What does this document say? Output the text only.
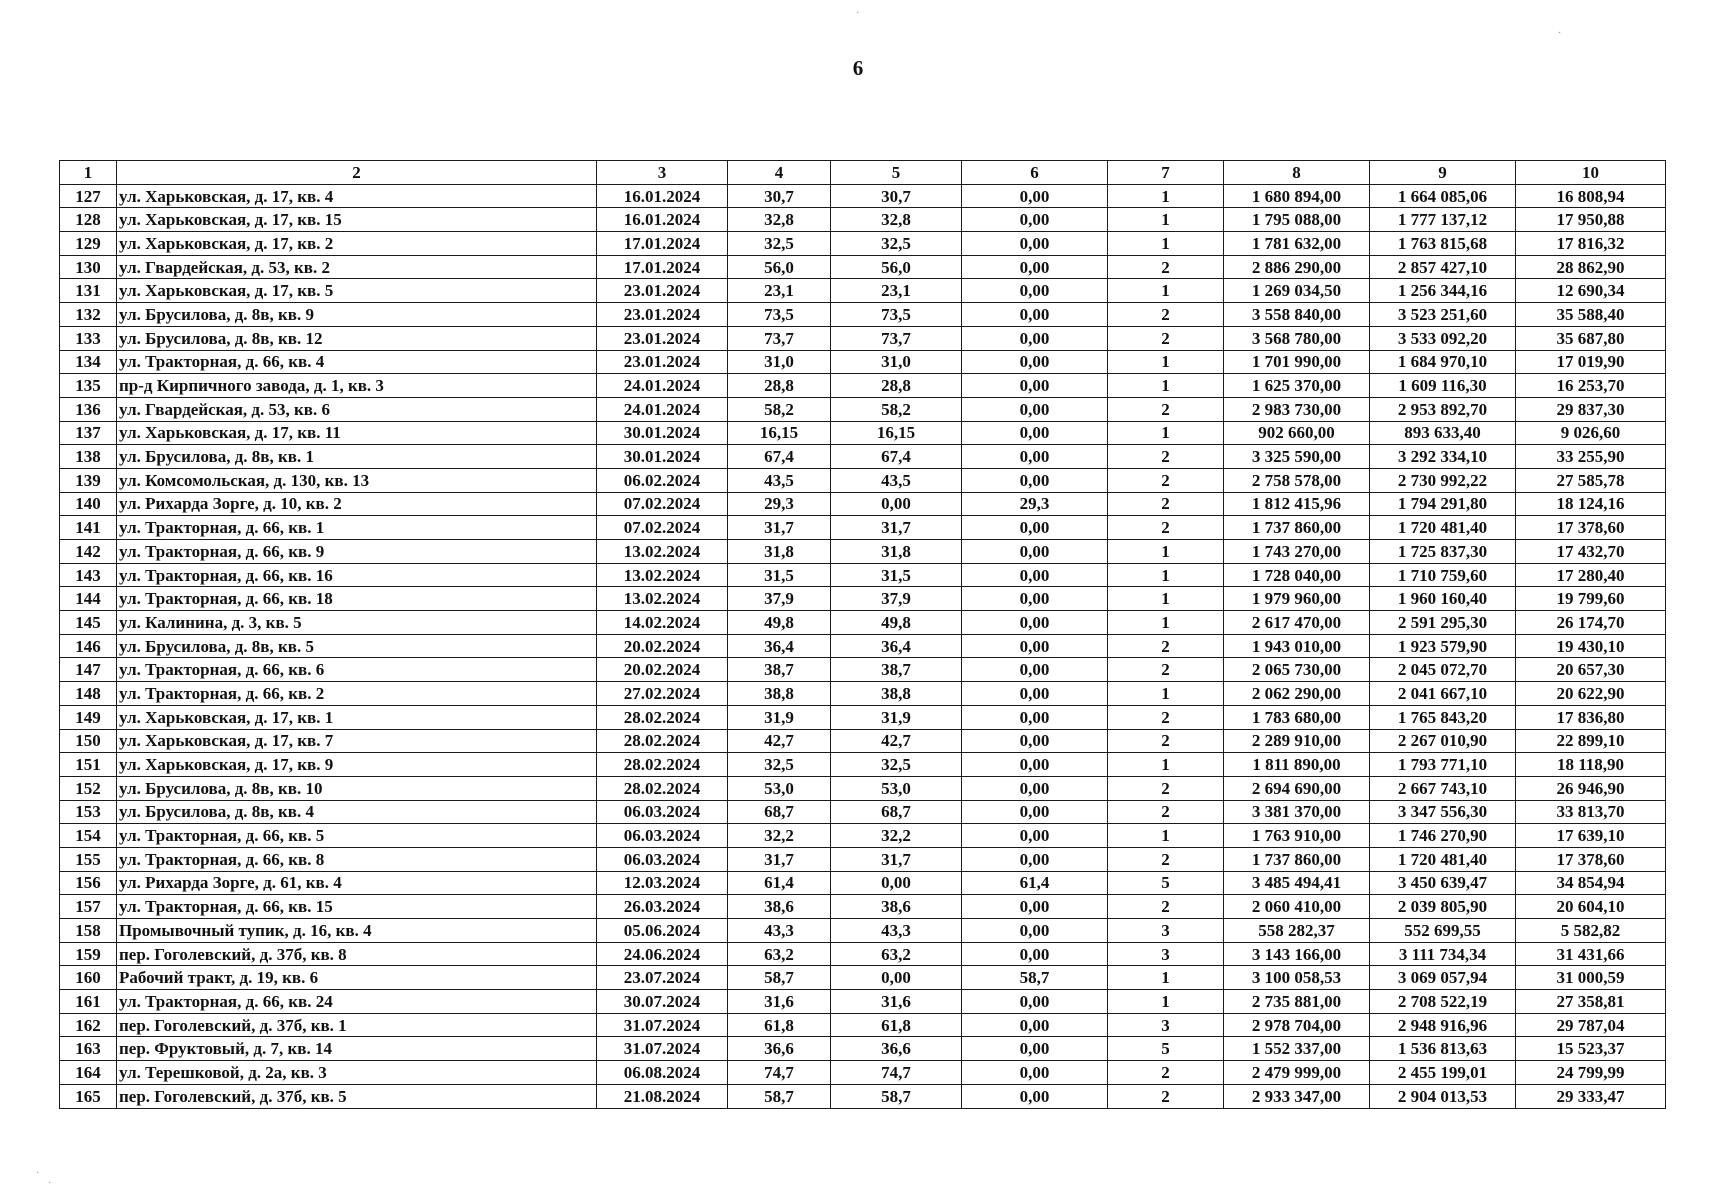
6
1	2	3	4	5	6	7	8	9	10
127	ул. Харьковская, д. 17, кв. 4	16.01.2024	30,7	30,7	0,00	1	1 680 894,00	1 664 085,06	16 808,94
128	ул. Харьковская, д. 17, кв. 15	16.01.2024	32,8	32,8	0,00	1	1 795 088,00	1 777 137,12	17 950,88
129	ул. Харьковская, д. 17, кв. 2	17.01.2024	32,5	32,5	0,00	1	1 781 632,00	1 763 815,68	17 816,32
130	ул. Гвардейская, д. 53, кв. 2	17.01.2024	56,0	56,0	0,00	2	2 886 290,00	2 857 427,10	28 862,90
131	ул. Харьковская, д. 17, кв. 5	23.01.2024	23,1	23,1	0,00	1	1 269 034,50	1 256 344,16	12 690,34
132	ул. Брусилова, д. 8в, кв. 9	23.01.2024	73,5	73,5	0,00	2	3 558 840,00	3 523 251,60	35 588,40
133	ул. Брусилова, д. 8в, кв. 12	23.01.2024	73,7	73,7	0,00	2	3 568 780,00	3 533 092,20	35 687,80
134	ул. Тракторная, д. 66, кв. 4	23.01.2024	31,0	31,0	0,00	1	1 701 990,00	1 684 970,10	17 019,90
135	пр-д Кирпичного завода, д. 1, кв. 3	24.01.2024	28,8	28,8	0,00	1	1 625 370,00	1 609 116,30	16 253,70
136	ул. Гвардейская, д. 53, кв. 6	24.01.2024	58,2	58,2	0,00	2	2 983 730,00	2 953 892,70	29 837,30
137	ул. Харьковская, д. 17, кв. 11	30.01.2024	16,15	16,15	0,00	1	902 660,00	893 633,40	9 026,60
138	ул. Брусилова, д. 8в, кв. 1	30.01.2024	67,4	67,4	0,00	2	3 325 590,00	3 292 334,10	33 255,90
139	ул. Комсомольская, д. 130, кв. 13	06.02.2024	43,5	43,5	0,00	2	2 758 578,00	2 730 992,22	27 585,78
140	ул. Рихарда Зорге, д. 10, кв. 2	07.02.2024	29,3	0,00	29,3	2	1 812 415,96	1 794 291,80	18 124,16
141	ул. Тракторная, д. 66, кв. 1	07.02.2024	31,7	31,7	0,00	2	1 737 860,00	1 720 481,40	17 378,60
142	ул. Тракторная, д. 66, кв. 9	13.02.2024	31,8	31,8	0,00	1	1 743 270,00	1 725 837,30	17 432,70
143	ул. Тракторная, д. 66, кв. 16	13.02.2024	31,5	31,5	0,00	1	1 728 040,00	1 710 759,60	17 280,40
144	ул. Тракторная, д. 66, кв. 18	13.02.2024	37,9	37,9	0,00	1	1 979 960,00	1 960 160,40	19 799,60
145	ул. Калинина, д. 3, кв. 5	14.02.2024	49,8	49,8	0,00	1	2 617 470,00	2 591 295,30	26 174,70
146	ул. Брусилова, д. 8в, кв. 5	20.02.2024	36,4	36,4	0,00	2	1 943 010,00	1 923 579,90	19 430,10
147	ул. Тракторная, д. 66, кв. 6	20.02.2024	38,7	38,7	0,00	2	2 065 730,00	2 045 072,70	20 657,30
148	ул. Тракторная, д. 66, кв. 2	27.02.2024	38,8	38,8	0,00	1	2 062 290,00	2 041 667,10	20 622,90
149	ул. Харьковская, д. 17, кв. 1	28.02.2024	31,9	31,9	0,00	2	1 783 680,00	1 765 843,20	17 836,80
150	ул. Харьковская, д. 17, кв. 7	28.02.2024	42,7	42,7	0,00	2	2 289 910,00	2 267 010,90	22 899,10
151	ул. Харьковская, д. 17, кв. 9	28.02.2024	32,5	32,5	0,00	1	1 811 890,00	1 793 771,10	18 118,90
152	ул. Брусилова, д. 8в, кв. 10	28.02.2024	53,0	53,0	0,00	2	2 694 690,00	2 667 743,10	26 946,90
153	ул. Брусилова, д. 8в, кв. 4	06.03.2024	68,7	68,7	0,00	2	3 381 370,00	3 347 556,30	33 813,70
154	ул. Тракторная, д. 66, кв. 5	06.03.2024	32,2	32,2	0,00	1	1 763 910,00	1 746 270,90	17 639,10
155	ул. Тракторная, д. 66, кв. 8	06.03.2024	31,7	31,7	0,00	2	1 737 860,00	1 720 481,40	17 378,60
156	ул. Рихарда Зорге, д. 61, кв. 4	12.03.2024	61,4	0,00	61,4	5	3 485 494,41	3 450 639,47	34 854,94
157	ул. Тракторная, д. 66, кв. 15	26.03.2024	38,6	38,6	0,00	2	2 060 410,00	2 039 805,90	20 604,10
158	Промывочный тупик, д. 16, кв. 4	05.06.2024	43,3	43,3	0,00	3	558 282,37	552 699,55	5 582,82
159	пер. Гоголевский, д. 37б, кв. 8	24.06.2024	63,2	63,2	0,00	3	3 143 166,00	3 111 734,34	31 431,66
160	Рабочий тракт, д. 19, кв. 6	23.07.2024	58,7	0,00	58,7	1	3 100 058,53	3 069 057,94	31 000,59
161	ул. Тракторная, д. 66, кв. 24	30.07.2024	31,6	31,6	0,00	1	2 735 881,00	2 708 522,19	27 358,81
162	пер. Гоголевский, д. 37б, кв. 1	31.07.2024	61,8	61,8	0,00	3	2 978 704,00	2 948 916,96	29 787,04
163	пер. Фруктовый, д. 7, кв. 14	31.07.2024	36,6	36,6	0,00	5	1 552 337,00	1 536 813,63	15 523,37
164	ул. Терешковой, д. 2а, кв. 3	06.08.2024	74,7	74,7	0,00	2	2 479 999,00	2 455 199,01	24 799,99
165	пер. Гоголевский, д. 37б, кв. 5	21.08.2024	58,7	58,7	0,00	2	2 933 347,00	2 904 013,53	29 333,47
·
·
·
·
